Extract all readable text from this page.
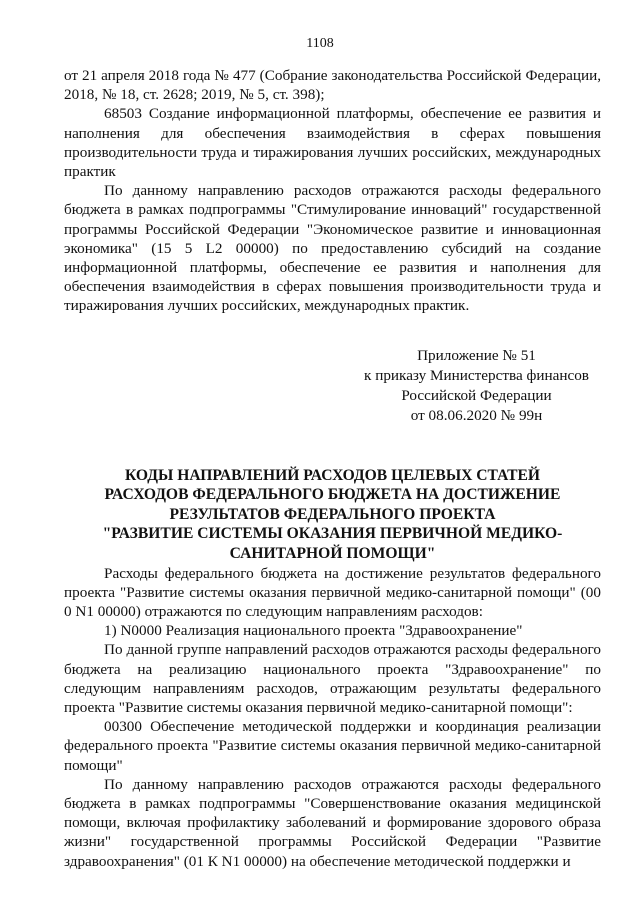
1108

от 21 апреля 2018 года № 477 (Собрание законодательства Российской Федерации, 2018, № 18, ст. 2628; 2019, № 5, ст. 398);

68503 Создание информационной платформы, обеспечение ее развития и наполнения для обеспечения взаимодействия в сферах повышения производительности труда и тиражирования лучших российских, международных практик

По данному направлению расходов отражаются расходы федерального бюджета в рамках подпрограммы "Стимулирование инноваций" государственной программы Российской Федерации "Экономическое развитие и инновационная экономика" (15 5 L2 00000) по предоставлению субсидий на создание информационной платформы, обеспечение ее развития и наполнения для обеспечения взаимодействия в сферах повышения производительности труда и тиражирования лучших российских, международных практик.

Приложение № 51
к приказу Министерства финансов
Российской Федерации
от 08.06.2020 № 99н
КОДЫ НАПРАВЛЕНИЙ РАСХОДОВ ЦЕЛЕВЫХ СТАТЕЙ
РАСХОДОВ ФЕДЕРАЛЬНОГО БЮДЖЕТА НА ДОСТИЖЕНИЕ
РЕЗУЛЬТАТОВ ФЕДЕРАЛЬНОГО ПРОЕКТА
"РАЗВИТИЕ СИСТЕМЫ ОКАЗАНИЯ ПЕРВИЧНОЙ МЕДИКО-
САНИТАРНОЙ ПОМОЩИ"

Расходы федерального бюджета на достижение результатов федерального проекта "Развитие системы оказания первичной медико-санитарной помощи" (00 0 N1 00000) отражаются по следующим направлениям расходов:

1) N0000 Реализация национального проекта "Здравоохранение"

По данной группе направлений расходов отражаются расходы федерального бюджета на реализацию национального проекта "Здравоохранение" по следующим направлениям расходов, отражающим результаты федерального проекта "Развитие системы оказания первичной медико-санитарной помощи":

00300 Обеспечение методической поддержки и координация реализации федерального проекта "Развитие системы оказания первичной медико-санитарной помощи"

По данному направлению расходов отражаются расходы федерального бюджета в рамках подпрограммы "Совершенствование оказания медицинской помощи, включая профилактику заболеваний и формирование здорового образа жизни" государственной программы Российской Федерации "Развитие здравоохранения" (01 К N1 00000) на обеспечение методической поддержки и
